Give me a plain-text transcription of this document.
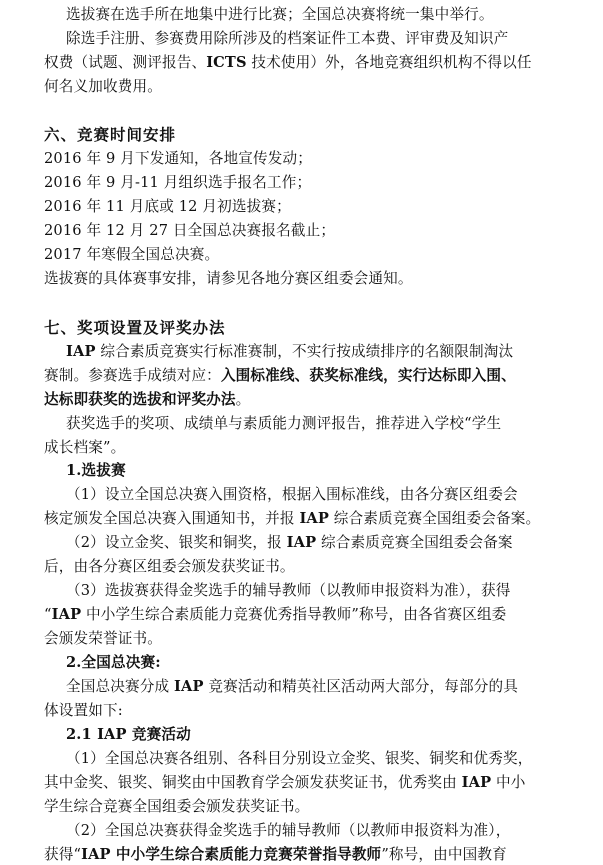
选拔赛在选手所在地集中进行比赛；全国总决赛将统一集中举行。
除选手注册、参赛费用除所涉及的档案证件工本费、评审费及知识产
权费（试题、测评报告、ICTS 技术使用）外，各地竞赛组织机构不得以任
何名义加收费用。
六、竞赛时间安排
2016 年 9 月下发通知，各地宣传发动；
2016 年 9 月-11 月组织选手报名工作；
2016 年 11 月底或 12 月初选拔赛；
2016 年 12 月 27 日全国总决赛报名截止；
2017 年寒假全国总决赛。
选拔赛的具体赛事安排，请参见各地分赛区组委会通知。
七、奖项设置及评奖办法
IAP 综合素质竞赛实行标准赛制，不实行按成绩排序的名额限制淘汰
赛制。参赛选手成绩对应：入围标准线、获奖标准线，实行达标即入围、
达标即获奖的选拔和评奖办法。
获奖选手的奖项、成绩单与素质能力测评报告，推荐进入学校“学生
成长档案”。
1.选拔赛
（1）设立全国总决赛入围资格，根据入围标准线，由各分赛区组委会
核定颁发全国总决赛入围通知书，并报 IAP 综合素质竞赛全国组委会备案。
（2）设立金奖、银奖和铜奖，报 IAP 综合素质竞赛全国组委会备案
后，由各分赛区组委会颁发获奖证书。
（3）选拔赛获得金奖选手的辅导教师（以教师申报资料为准），获得
“IAP 中小学生综合素质能力竞赛优秀指导教师”称号，由各省赛区组委
会颁发荣誉证书。
2.全国总决赛:
全国总决赛分成 IAP 竞赛活动和精英社区活动两大部分，每部分的具
体设置如下:
2.1 IAP 竞赛活动
（1）全国总决赛各组别、各科目分别设立金奖、银奖、铜奖和优秀奖，
其中金奖、银奖、铜奖由中国教育学会颁发获奖证书，优秀奖由 IAP 中小
学生综合竞赛全国组委会颁发获奖证书。
（2）全国总决赛获得金奖选手的辅导教师（以教师申报资料为准），
获得“IAP 中小学生综合素质能力竞赛荣誉指导教师”称号，由中国教育
